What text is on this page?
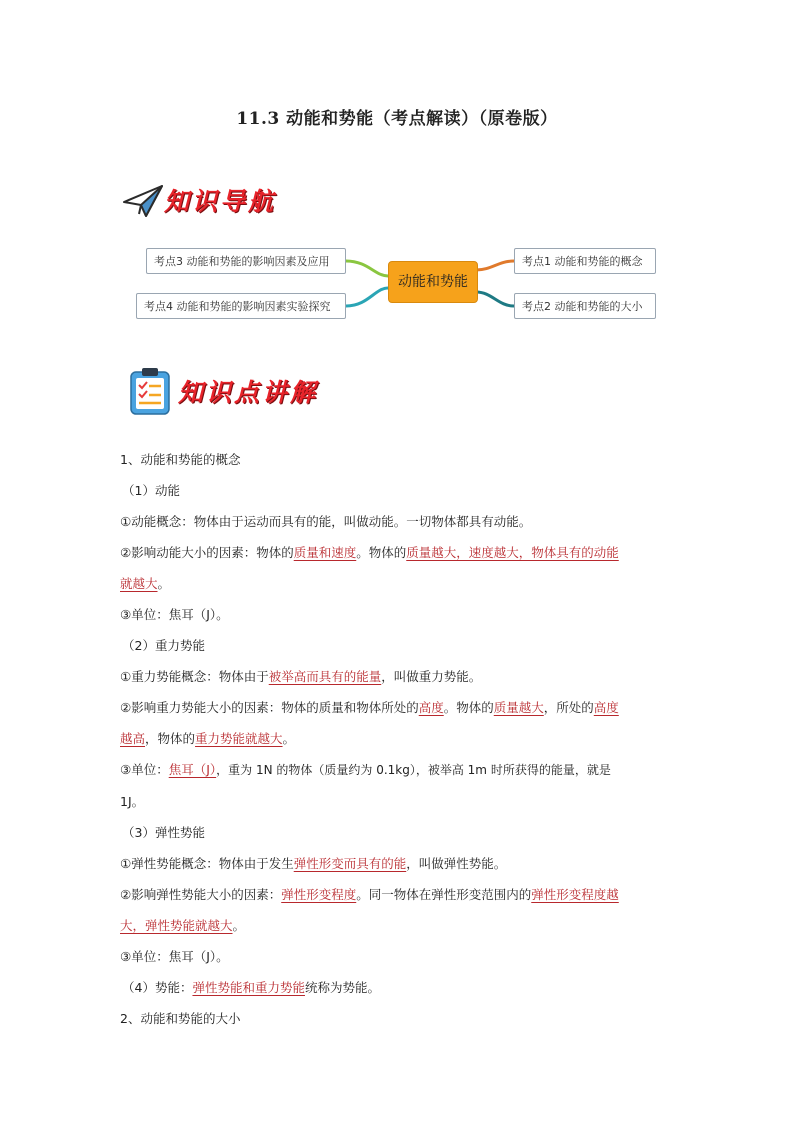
11.3 动能和势能（考点解读）（原卷版）
知识导航
考点3 动能和势能的影响因素及应用
考点4 动能和势能的影响因素实验探究
动能和势能
考点1 动能和势能的概念
考点2 动能和势能的大小
知识点讲解

1、动能和势能的概念

（1）动能

①动能概念：物体由于运动而具有的能，叫做动能。一切物体都具有动能。

②影响动能大小的因素：物体的质量和速度。物体的质量越大，速度越大，物体具有的动能
就越大。

③单位：焦耳（J）。

（2）重力势能

①重力势能概念：物体由于被举高而具有的能量，叫做重力势能。

②影响重力势能大小的因素：物体的质量和物体所处的高度。物体的质量越大，所处的高度
越高，物体的重力势能就越大。

③单位：焦耳（J），重为 1N 的物体（质量约为 0.1kg），被举高 1m 时所获得的能量，就是
1J。

（3）弹性势能

①弹性势能概念：物体由于发生弹性形变而具有的能，叫做弹性势能。

②影响弹性势能大小的因素：弹性形变程度。同一物体在弹性形变范围内的弹性形变程度越
大，弹性势能就越大。

③单位：焦耳（J）。

（4）势能：弹性势能和重力势能统称为势能。

2、动能和势能的大小
